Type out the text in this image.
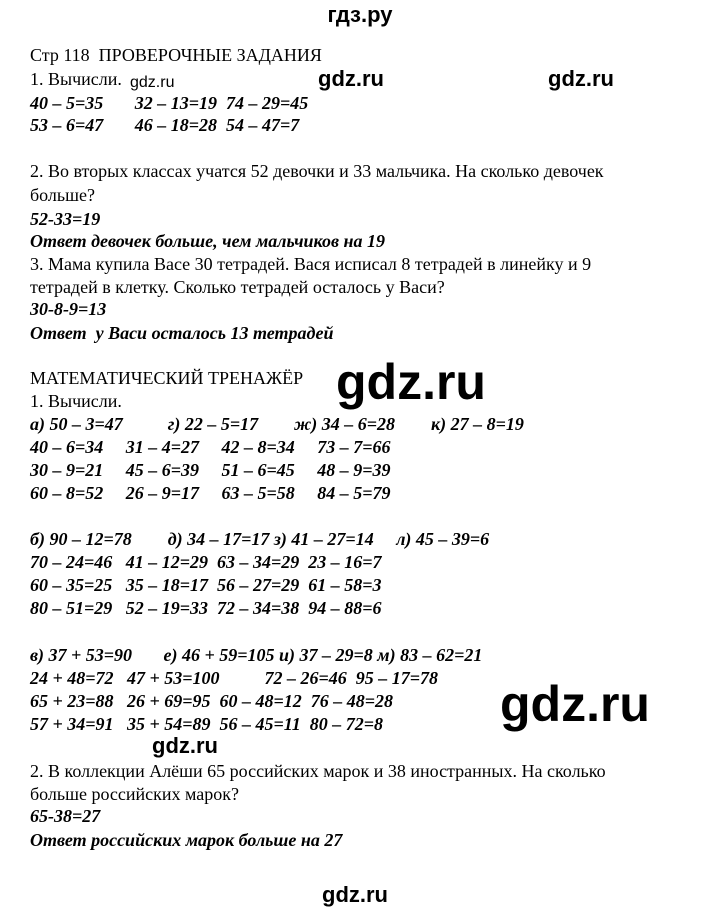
гдз.ру
Стр 118  ПРОВЕРОЧНЫЕ ЗАДАНИЯ
1. Вычисли.
40 – 5=35       32 – 13=19  74 – 29=45
53 – 6=47       46 – 18=28  54 – 47=7
2. Во вторых классах учатся 52 девочки и 33 мальчика. На сколько девочек
больше?
52-33=19
Ответ девочек больше, чем мальчиков на 19
3. Мама купила Васе 30 тетрадей. Вася исписал 8 тетрадей в линейку и 9
тетрадей в клетку. Сколько тетрадей осталось у Васи?
30-8-9=13
Ответ  у Васи осталось 13 тетрадей
МАТЕМАТИЧЕСКИЙ ТРЕНАЖЁР
1. Вычисли.
а) 50 – 3=47          г) 22 – 5=17        ж) 34 – 6=28        к) 27 – 8=19
40 – 6=34     31 – 4=27     42 – 8=34     73 – 7=66
30 – 9=21     45 – 6=39     51 – 6=45     48 – 9=39
60 – 8=52     26 – 9=17     63 – 5=58     84 – 5=79
б) 90 – 12=78        д) 34 – 17=17 з) 41 – 27=14     л) 45 – 39=6
70 – 24=46   41 – 12=29  63 – 34=29  23 – 16=7
60 – 35=25   35 – 18=17  56 – 27=29  61 – 58=3
80 – 51=29   52 – 19=33  72 – 34=38  94 – 88=6
в) 37 + 53=90       е) 46 + 59=105 и) 37 – 29=8 м) 83 – 62=21
24 + 48=72   47 + 53=100          72 – 26=46  95 – 17=78
65 + 23=88   26 + 69=95  60 – 48=12  76 – 48=28
57 + 34=91   35 + 54=89  56 – 45=11  80 – 72=8
2. В коллекции Алёши 65 российских марок и 38 иностранных. На сколько
больше российских марок?
65-38=27
Ответ российских марок больше на 27
gdz.ru	gdz.ru	gdz.ru
gdz.ru
gdz.ru
gdz.ru
gdz.ru
